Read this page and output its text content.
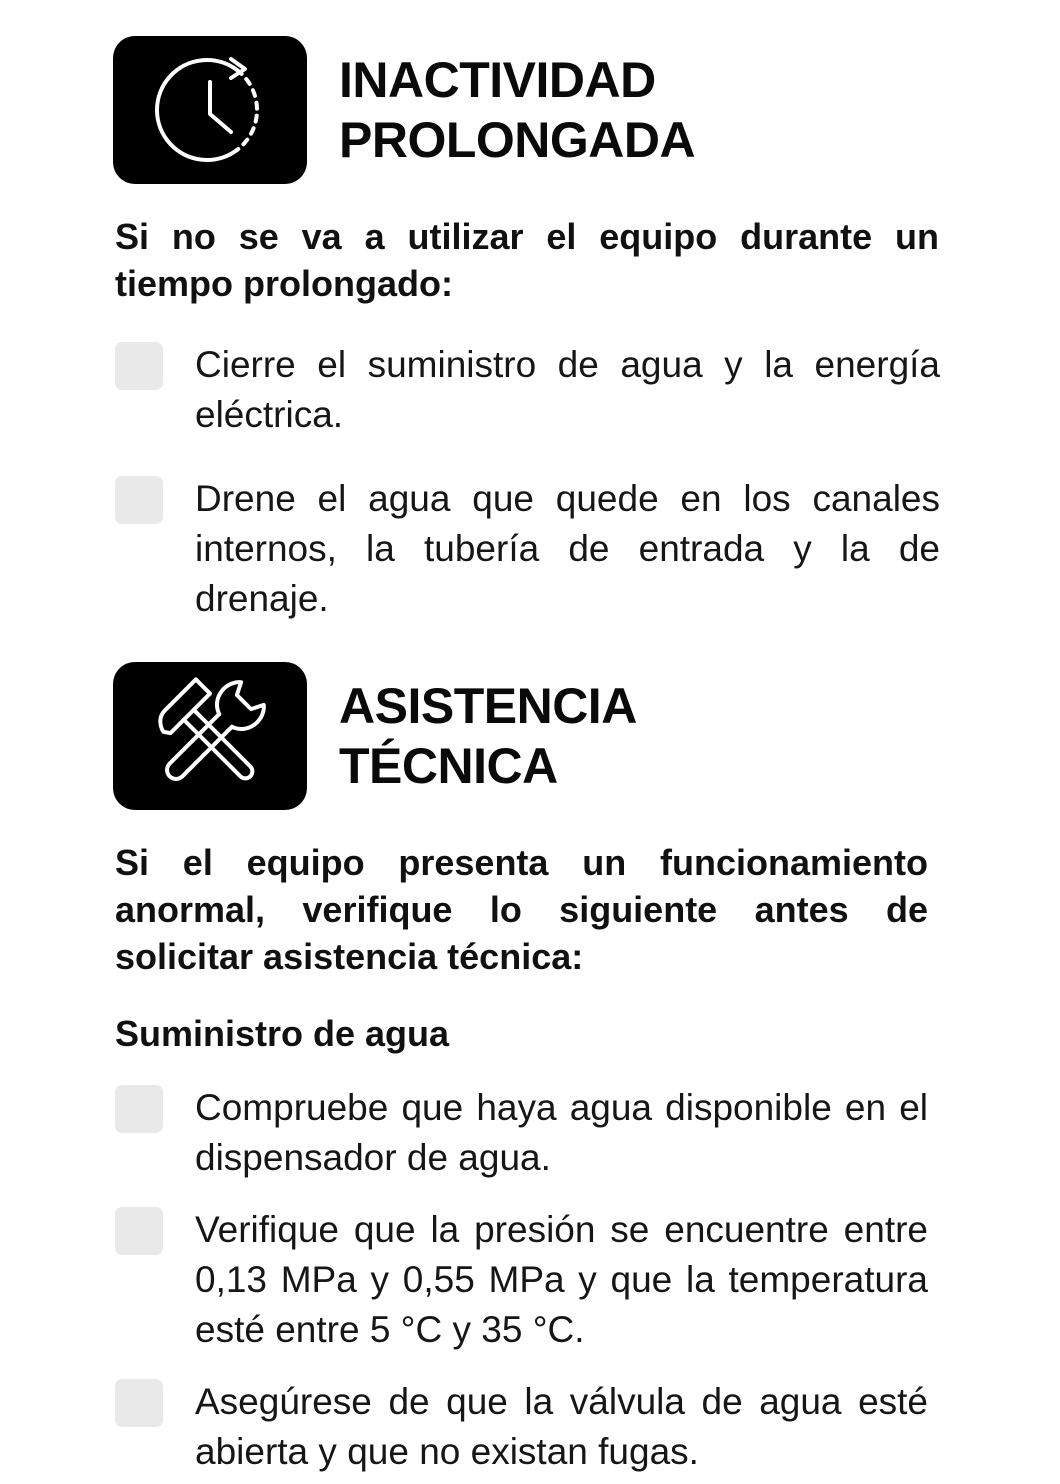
INACTIVIDAD
PROLONGADA
Si no se va a utilizar el equipo durante un tiempo prolongado:
Cierre el suministro de agua y la energía eléctrica.
Drene el agua que quede en los canales internos, la tubería de entrada y la de drenaje.
ASISTENCIA
TÉCNICA
Si el equipo presenta un funcionamiento anormal, verifique lo siguiente antes de solicitar asistencia técnica:
Suministro de agua
Compruebe que haya agua disponible en el dispensador de agua.
Verifique que la presión se encuentre entre 0,13 MPa y 0,55 MPa y que la temperatura esté entre 5 °C y 35 °C.
Asegúrese de que la válvula de agua esté abierta y que no existan fugas.
